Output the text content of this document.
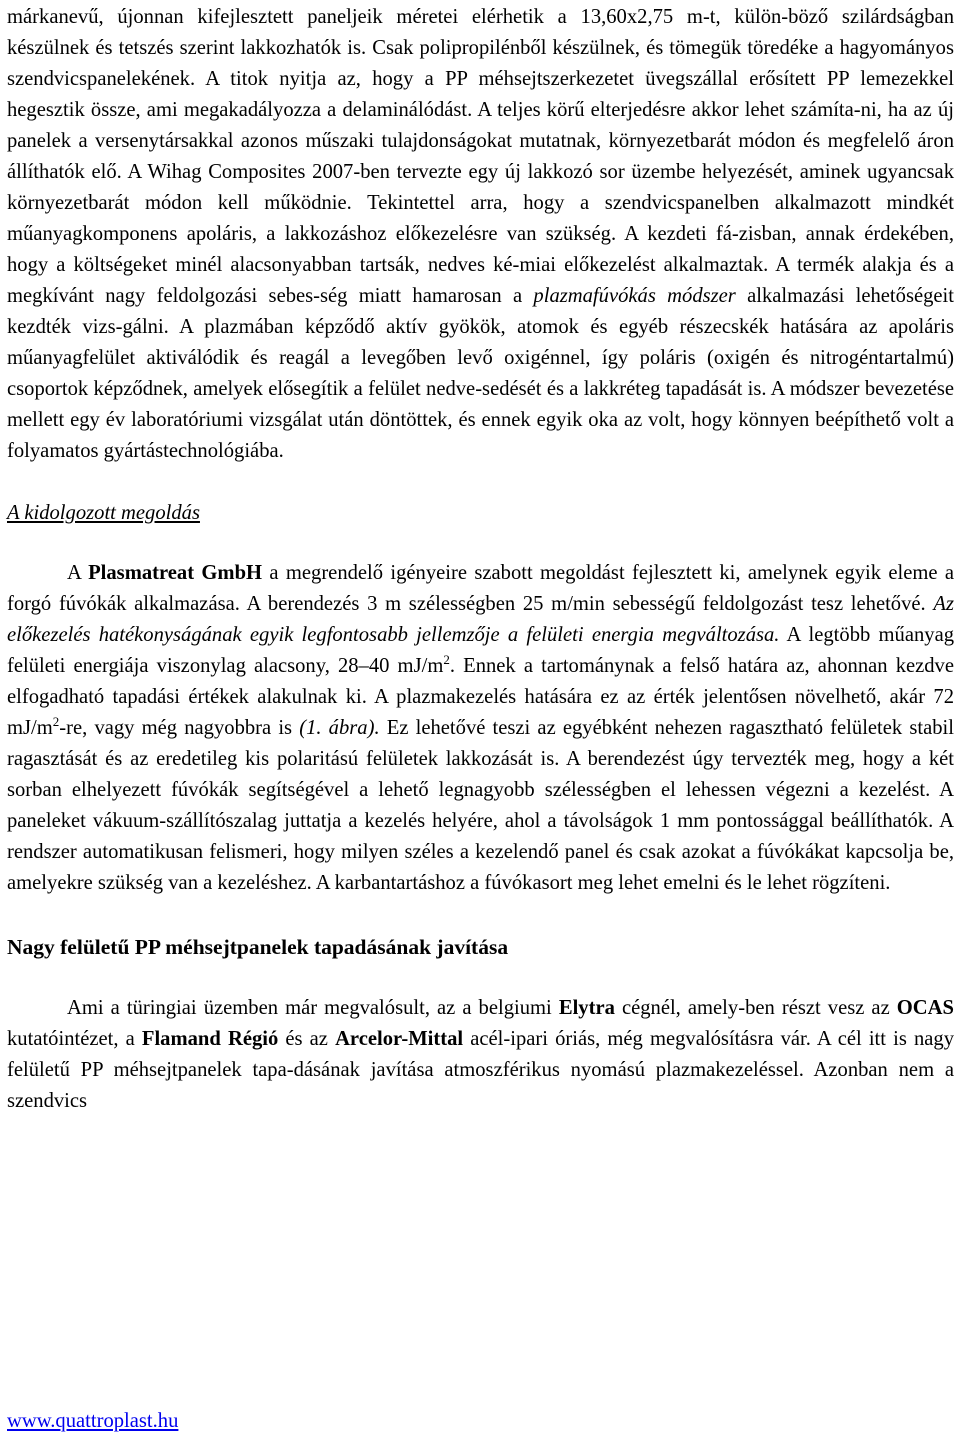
márkanevű, újonnan kifejlesztett paneljeik méretei elérhetik a 13,60x2,75 m-t, külön-böző szilárdságban készülnek és tetszés szerint lakkozhatók is. Csak polipropilénből készülnek, és tömegük töredéke a hagyományos szendvicspanelekének. A titok nyitja az, hogy a PP méhsejtszerkezetet üvegszállal erősített PP lemezekkel hegesztik össze, ami megakadályozza a delaminálódást. A teljes körű elterjedésre akkor lehet számíta-ni, ha az új panelek a versenytársakkal azonos műszaki tulajdonságokat mutatnak, környezetbarát módon és megfelelő áron állíthatók elő. A Wihag Composites 2007-ben tervezte egy új lakkozó sor üzembe helyezését, aminek ugyancsak környezetbarát módon kell működnie. Tekintettel arra, hogy a szendvicspanelben alkalmazott mindkét műanyagkomponens apoláris, a lakkozáshoz előkezelésre van szükség. A kezdeti fá-zisban, annak érdekében, hogy a költségeket minél alacsonyabban tartsák, nedves ké-miai előkezelést alkalmaztak. A termék alakja és a megkívánt nagy feldolgozási sebes-ség miatt hamarosan a plazmafúvókás módszer alkalmazási lehetőségeit kezdték vizs-gálni. A plazmában képződő aktív gyökök, atomok és egyéb részecskék hatására az apoláris műanyagfelület aktiválódik és reagál a levegőben levő oxigénnel, így poláris (oxigén és nitrogéntartalmú) csoportok képződnek, amelyek elősegítik a felület nedve-sedését és a lakkréteg tapadását is. A módszer bevezetése mellett egy év laboratóriumi vizsgálat után döntöttek, és ennek egyik oka az volt, hogy könnyen beépíthető volt a folyamatos gyártástechnológiába.

A kidolgozott megoldás

A Plasmatreat GmbH a megrendelő igényeire szabott megoldást fejlesztett ki, amelynek egyik eleme a forgó fúvókák alkalmazása. A berendezés 3 m szélességben 25 m/min sebességű feldolgozást tesz lehetővé. Az előkezelés hatékonyságának egyik legfontosabb jellemzője a felületi energia megváltozása. A legtöbb műanyag felületi energiája viszonylag alacsony, 28–40 $mJ/m^2$. Ennek a tartománynak a felső határa az, ahonnan kezdve elfogadható tapadási értékek alakulnak ki. A plazmakezelés hatására ez az érték jelentősen növelhető, akár 72 $mJ/m^2-re$, vagy még nagyobbra is (1. ábra). Ez lehetővé teszi az egyébként nehezen ragasztható felületek stabil ragasztását és az eredetileg kis polaritású felületek lakkozását is. A berendezést úgy tervezték meg, hogy a két sorban elhelyezett fúvókák segítségével a lehető legnagyobb szélességben el lehessen végezni a kezelést. A paneleket vákuum-szállítószalag juttatja a kezelés helyére, ahol a távolságok 1 mm pontossággal beállíthatók. A rendszer automatikusan felismeri, hogy milyen széles a kezelendő panel és csak azokat a fúvókákat kapcsolja be, amelyekre szükség van a kezeléshez. A karbantartáshoz a fúvókasort meg lehet emelni és le lehet rögzíteni.

Nagy felületű PP méhsejtpanelek tapadásának javítása

Ami a türingiai üzemben már megvalósult, az a belgiumi Elytra cégnél, amely-ben részt vesz az OCAS kutatóintézet, a Flamand Régió és az Arcelor-Mittal acél-ipari óriás, még megvalósításra vár. A cél itt is nagy felületű PP méhsejtpanelek tapa-dásának javítása atmoszférikus nyomású plazmakezeléssel. Azonban nem a szendvics

www.quattroplast.hu
